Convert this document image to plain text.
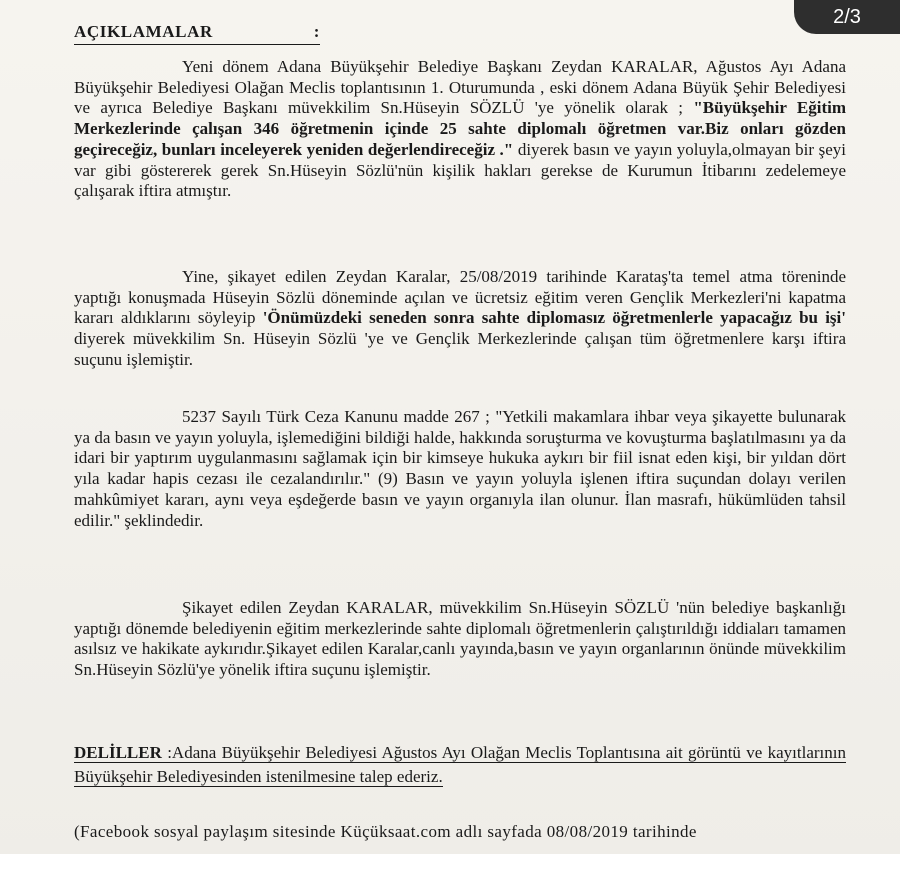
AÇIKLAMALAR	:

Yeni dönem Adana Büyükşehir Belediye Başkanı Zeydan KARALAR, Ağustos Ayı Adana Büyükşehir Belediyesi Olağan Meclis toplantısının 1. Oturumunda , eski dönem Adana Büyük Şehir Belediyesi ve ayrıca Belediye Başkanı müvekkilim Sn.Hüseyin SÖZLÜ 'ye yönelik olarak ; "Büyükşehir Eğitim Merkezlerinde çalışan 346 öğretmenin içinde 25 sahte diplomalı öğretmen var.Biz onları gözden geçireceğiz, bunları inceleyerek yeniden değerlendireceğiz ." diyerek basın ve yayın yoluyla,olmayan bir şeyi var gibi göstererek gerek Sn.Hüseyin Sözlü'nün kişilik hakları gerekse de Kurumun İtibarını zedelemeye çalışarak iftira atmıştır.

Yine, şikayet edilen Zeydan Karalar, 25/08/2019 tarihinde Karataş'ta temel atma töreninde yaptığı konuşmada Hüseyin Sözlü döneminde açılan ve ücretsiz eğitim veren Gençlik Merkezleri'ni kapatma kararı aldıklarını söyleyip 'Önümüzdeki seneden sonra sahte diplomasız öğretmenlerle yapacağız bu işi' diyerek müvekkilim Sn. Hüseyin Sözlü 'ye ve Gençlik Merkezlerinde çalışan tüm öğretmenlere karşı iftira suçunu işlemiştir.

5237 Sayılı Türk Ceza Kanunu madde 267 ; "Yetkili makamlara ihbar veya şikayette bulunarak ya da basın ve yayın yoluyla, işlemediğini bildiği halde, hakkında soruşturma ve kovuşturma başlatılmasını ya da idari bir yaptırım uygulanmasını sağlamak için bir kimseye hukuka aykırı bir fiil isnat eden kişi, bir yıldan dört yıla kadar hapis cezası ile cezalandırılır." (9) Basın ve yayın yoluyla işlenen iftira suçundan dolayı verilen mahkûmiyet kararı, aynı veya eşdeğerde basın ve yayın organıyla ilan olunur. İlan masrafı, hükümlüden tahsil edilir." şeklindedir.

Şikayet edilen Zeydan KARALAR, müvekkilim Sn.Hüseyin SÖZLÜ 'nün belediye başkanlığı yaptığı dönemde belediyenin eğitim merkezlerinde sahte diplomalı öğretmenlerin çalıştırıldığı iddiaları tamamen asılsız ve hakikate aykırıdır.Şikayet edilen Karalar,canlı yayında,basın ve yayın organlarının önünde müvekkilim Sn.Hüseyin Sözlü'ye yönelik iftira suçunu işlemiştir.

DELİLLER :Adana Büyükşehir Belediyesi Ağustos Ayı Olağan Meclis Toplantısına ait görüntü ve kayıtlarının Büyükşehir Belediyesinden istenilmesine talep ederiz.

(Facebook sosyal paylaşım sitesinde Küçüksaat.com adlı sayfada 08/08/2019 tarihinde

2/3
